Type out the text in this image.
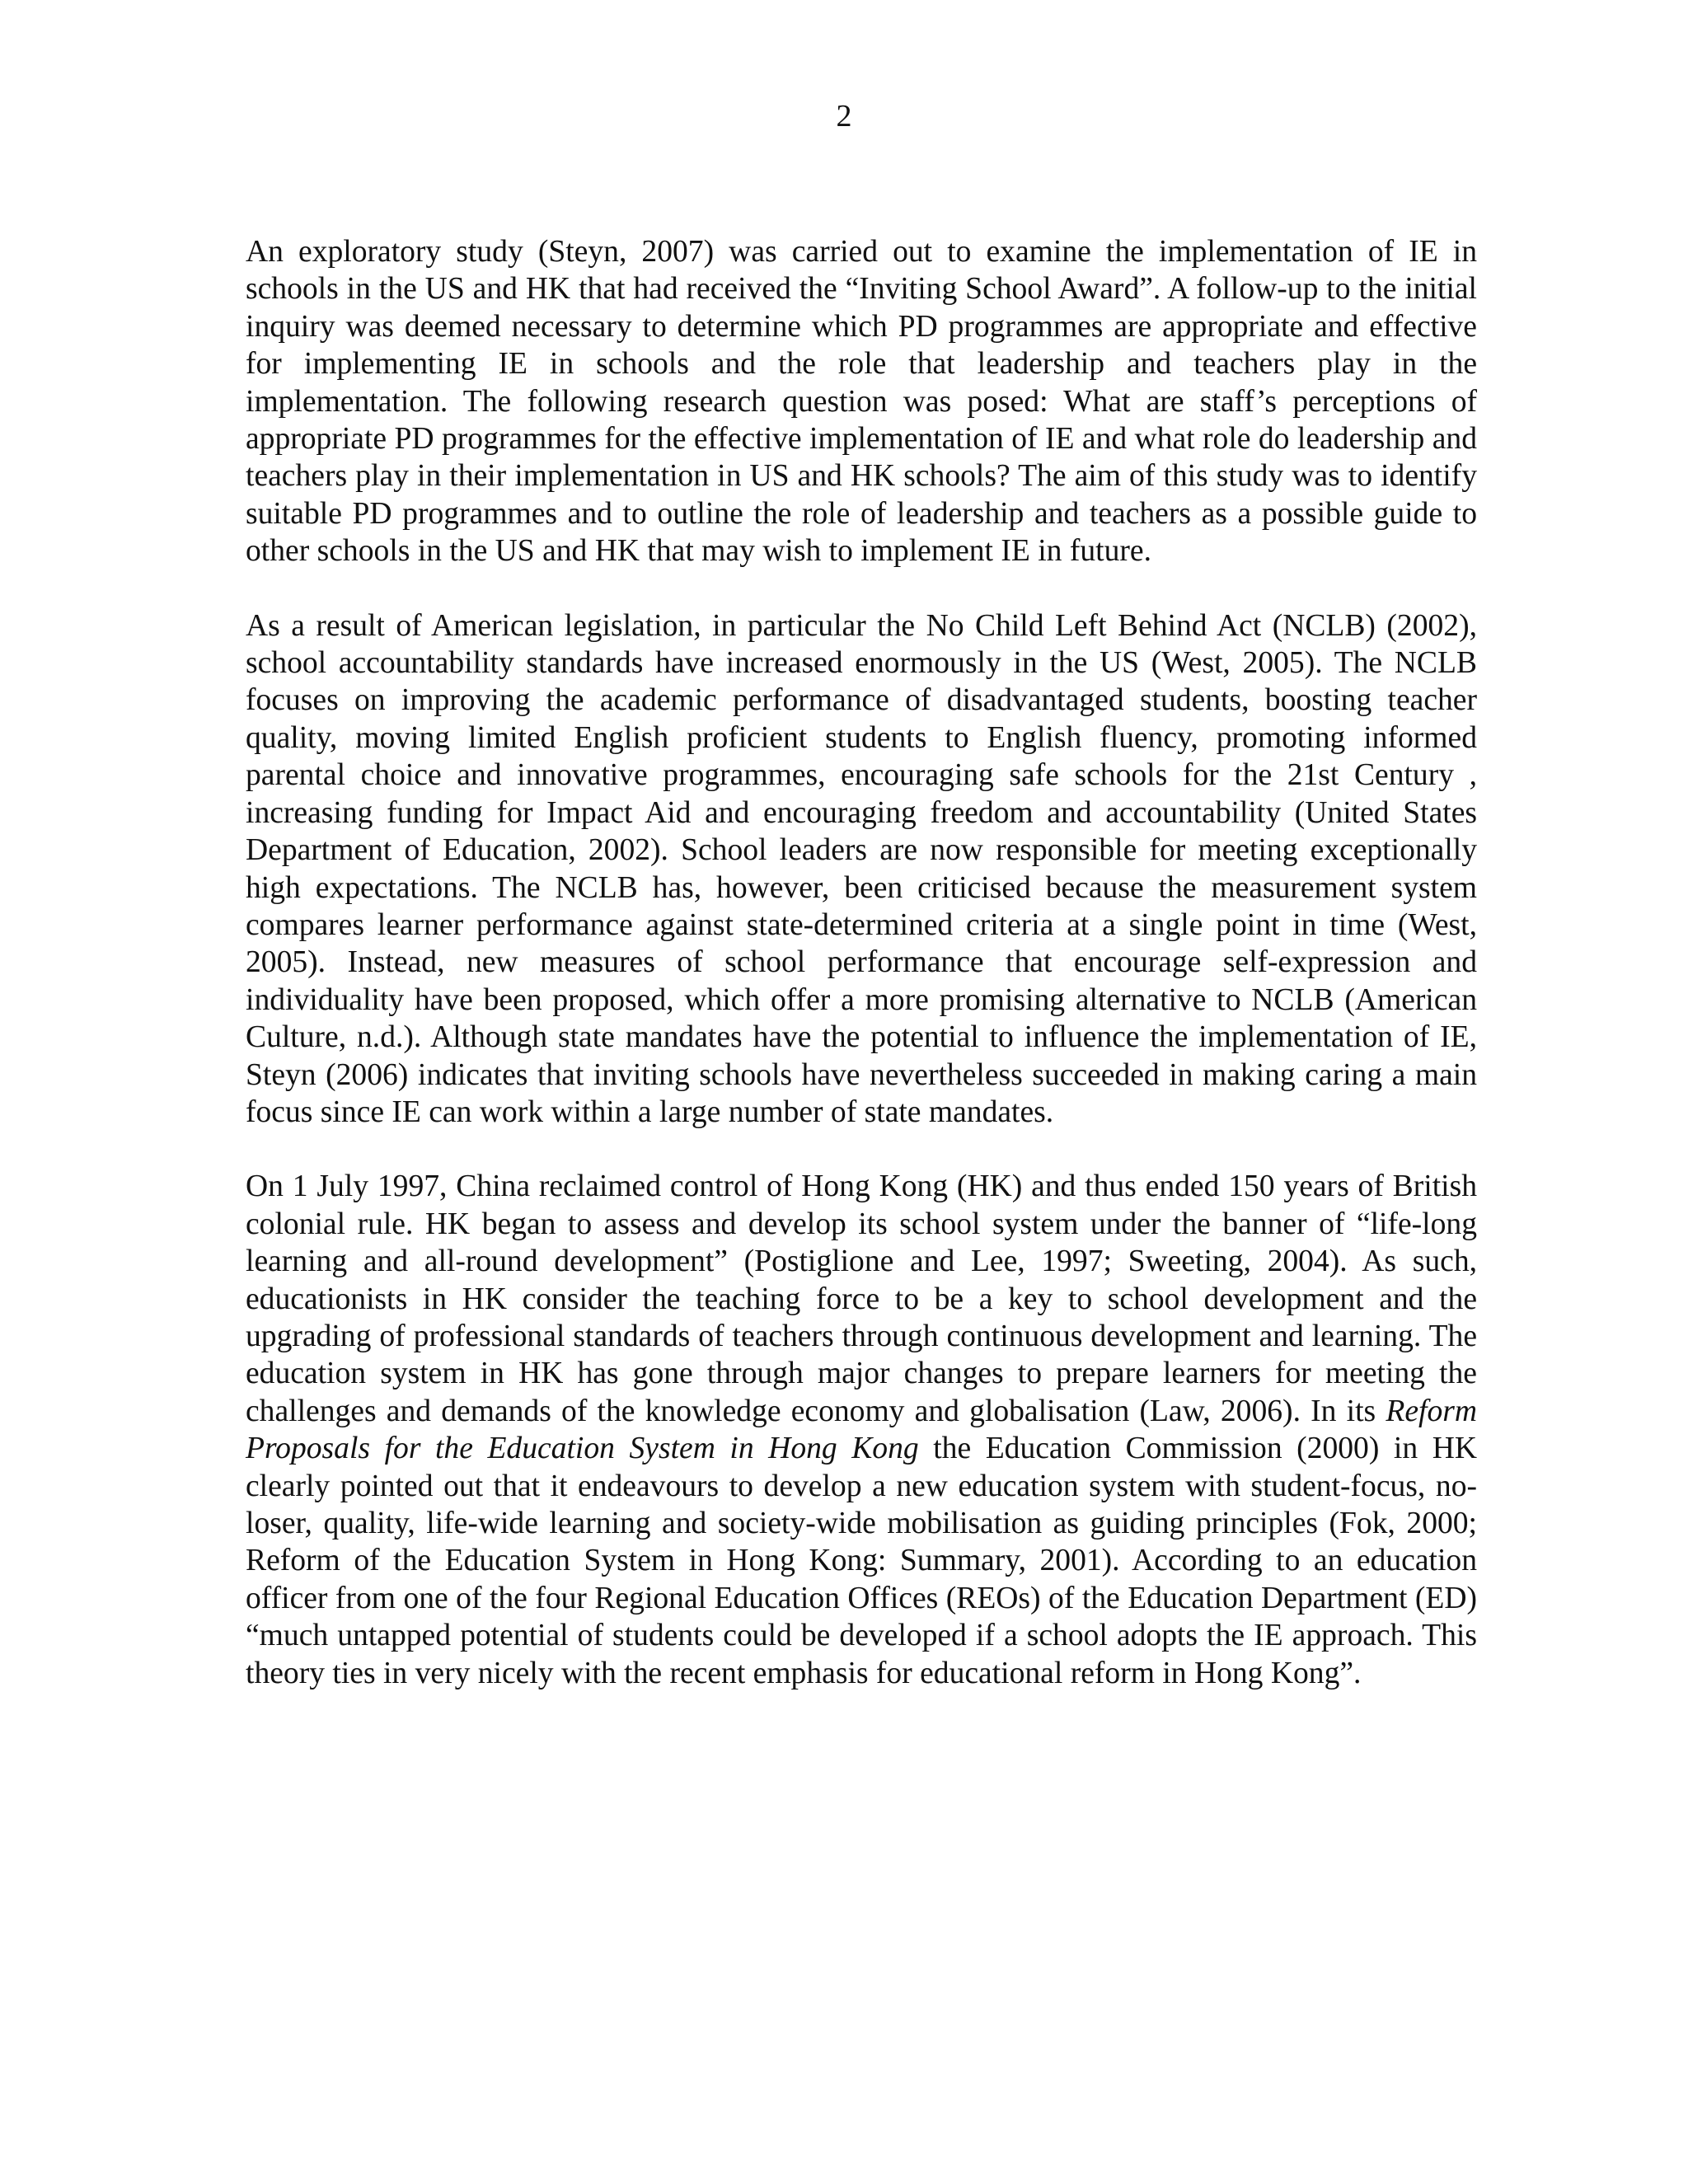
2

An exploratory study (Steyn, 2007) was carried out to examine the implementation of IE in schools in the US and HK that had received the “Inviting School Award”. A follow-up to the initial inquiry was deemed necessary to determine which PD programmes are appropriate and effective for implementing IE in schools and the role that leadership and teachers play in the implementation. The following research question was posed: What are staff’s perceptions of appropriate PD programmes for the effective implementation of IE and what role do leadership and teachers play in their implementation in US and HK schools? The aim of this study was to identify suitable PD programmes and to outline the role of leadership and teachers as a possible guide to other schools in the US and HK that may wish to implement IE in future.

As a result of American legislation, in particular the No Child Left Behind Act (NCLB) (2002), school accountability standards have increased enormously in the US (West, 2005). The NCLB focuses on improving the academic performance of disadvantaged students, boosting teacher quality, moving limited English proficient students to English fluency, promoting informed parental choice and innovative programmes, encouraging safe schools for the 21st Century , increasing funding for Impact Aid and encouraging freedom and accountability (United States Department of Education, 2002). School leaders are now responsible for meeting exceptionally high expectations. The NCLB has, however, been criticised because the measurement system compares learner performance against state-determined criteria at a single point in time (West, 2005). Instead, new measures of school performance that encourage self-expression and individuality have been proposed, which offer a more promising alternative to NCLB (American Culture, n.d.). Although state mandates have the potential to influence the implementation of IE, Steyn (2006) indicates that inviting schools have nevertheless succeeded in making caring a main focus since IE can work within a large number of state mandates.

On 1 July 1997, China reclaimed control of Hong Kong (HK) and thus ended 150 years of British colonial rule. HK began to assess and develop its school system under the banner of “life-long learning and all-round development” (Postiglione and Lee, 1997; Sweeting, 2004). As such, educationists in HK consider the teaching force to be a key to school development and the upgrading of professional standards of teachers through continuous development and learning. The education system in HK has gone through major changes to prepare learners for meeting the challenges and demands of the knowledge economy and globalisation (Law, 2006). In its Reform Proposals for the Education System in Hong Kong the Education Commission (2000) in HK clearly pointed out that it endeavours to develop a new education system with student-focus, no-loser, quality, life-wide learning and society-wide mobilisation as guiding principles (Fok, 2000; Reform of the Education System in Hong Kong: Summary, 2001). According to an education officer from one of the four Regional Education Offices (REOs) of the Education Department (ED) “much untapped potential of students could be developed if a school adopts the IE approach. This theory ties in very nicely with the recent emphasis for educational reform in Hong Kong”.
